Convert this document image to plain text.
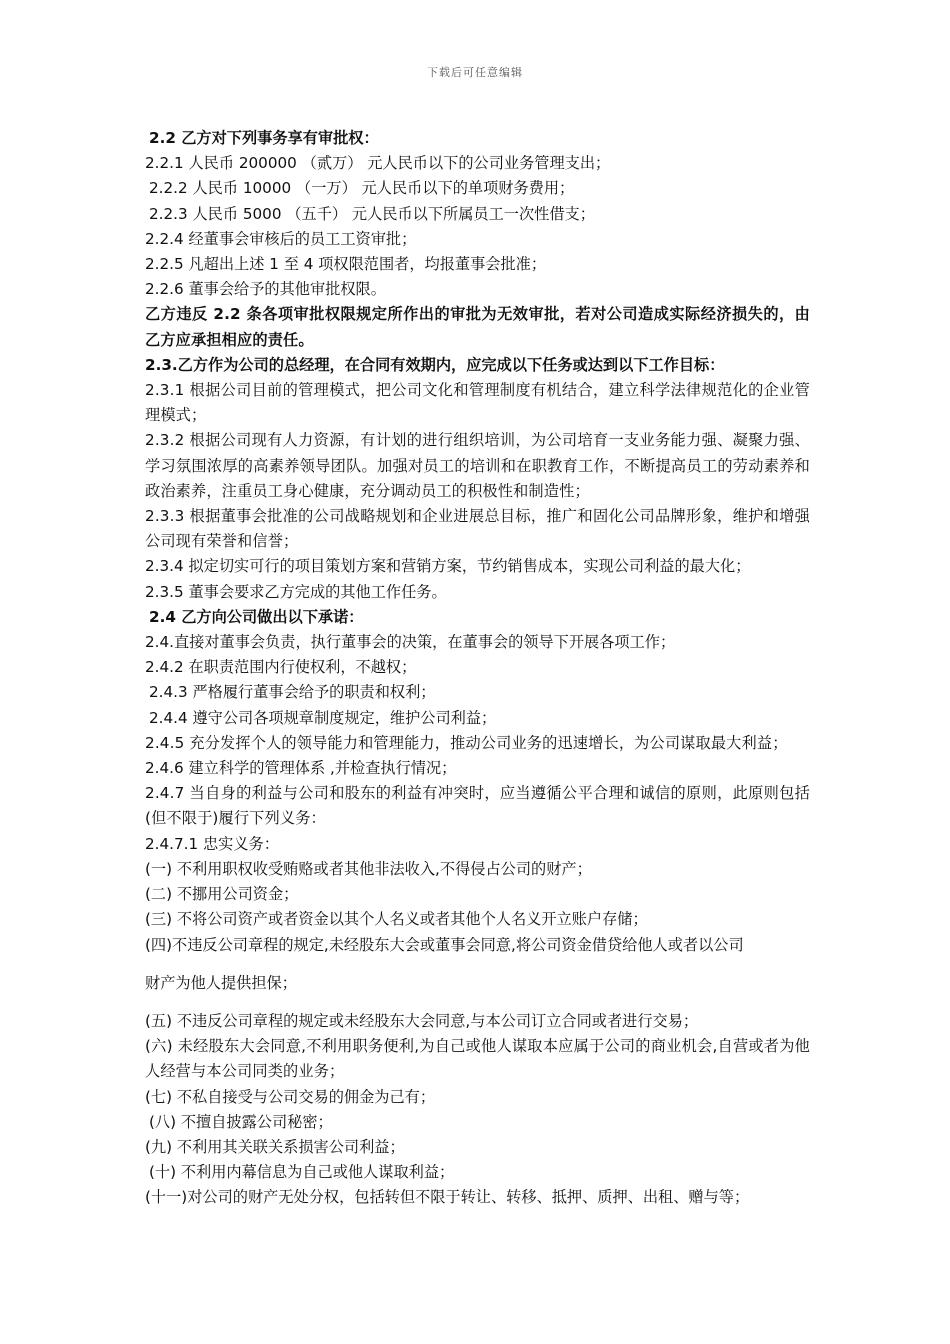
下载后可任意编辑

2.2 乙方对下列事务享有审批权：

2.2.1 人民币 200000 （贰万） 元人民币以下的公司业务管理支出；

2.2.2 人民币 10000 （一万） 元人民币以下的单项财务费用；

2.2.3 人民币 5000 （五千） 元人民币以下所属员工一次性借支；

2.2.4 经董事会审核后的员工工资审批；

2.2.5 凡超出上述 1 至 4 项权限范围者，均报董事会批准；

2.2.6 董事会给予的其他审批权限。

乙方违反 2.2 条各项审批权限规定所作出的审批为无效审批，若对公司造成实际经济损失的，由乙方应承担相应的责任。

2.3.乙方作为公司的总经理，在合同有效期内，应完成以下任务或达到以下工作目标：

2.3.1 根据公司目前的管理模式，把公司文化和管理制度有机结合，建立科学法律规范化的企业管理模式；

2.3.2 根据公司现有人力资源，有计划的进行组织培训，为公司培育一支业务能力强、凝聚力强、学习氛围浓厚的高素养领导团队。加强对员工的培训和在职教育工作，不断提高员工的劳动素养和政治素养，注重员工身心健康，充分调动员工的积极性和制造性；

2.3.3 根据董事会批准的公司战略规划和企业进展总目标，推广和固化公司品牌形象，维护和增强公司现有荣誉和信誉；

2.3.4 拟定切实可行的项目策划方案和营销方案，节约销售成本，实现公司利益的最大化；

2.3.5 董事会要求乙方完成的其他工作任务。

2.4 乙方向公司做出以下承诺：

2.4.直接对董事会负责，执行董事会的决策，在董事会的领导下开展各项工作；

2.4.2 在职责范围内行使权利，不越权；

2.4.3 严格履行董事会给予的职责和权利；

2.4.4 遵守公司各项规章制度规定，维护公司利益；

2.4.5 充分发挥个人的领导能力和管理能力，推动公司业务的迅速增长，为公司谋取最大利益；

2.4.6 建立科学的管理体系 ,并检查执行情况；

2.4.7 当自身的利益与公司和股东的利益有冲突时，应当遵循公平合理和诚信的原则，此原则包括(但不限于)履行下列义务：

2.4.7.1 忠实义务：

(一) 不利用职权收受贿赂或者其他非法收入,不得侵占公司的财产；

(二) 不挪用公司资金；

(三) 不将公司资产或者资金以其个人名义或者其他个人名义开立账户存储；

(四)不违反公司章程的规定,未经股东大会或董事会同意,将公司资金借贷给他人或者以公司

财产为他人提供担保；

(五) 不违反公司章程的规定或未经股东大会同意,与本公司订立合同或者进行交易；

(六) 未经股东大会同意,不利用职务便利,为自己或他人谋取本应属于公司的商业机会,自营或者为他人经营与本公司同类的业务；

(七) 不私自接受与公司交易的佣金为己有；

(八) 不擅自披露公司秘密；

(九) 不利用其关联关系损害公司利益；

(十) 不利用内幕信息为自己或他人谋取利益；

(十一)对公司的财产无处分权，包括转但不限于转让、转移、抵押、质押、出租、赠与等；
